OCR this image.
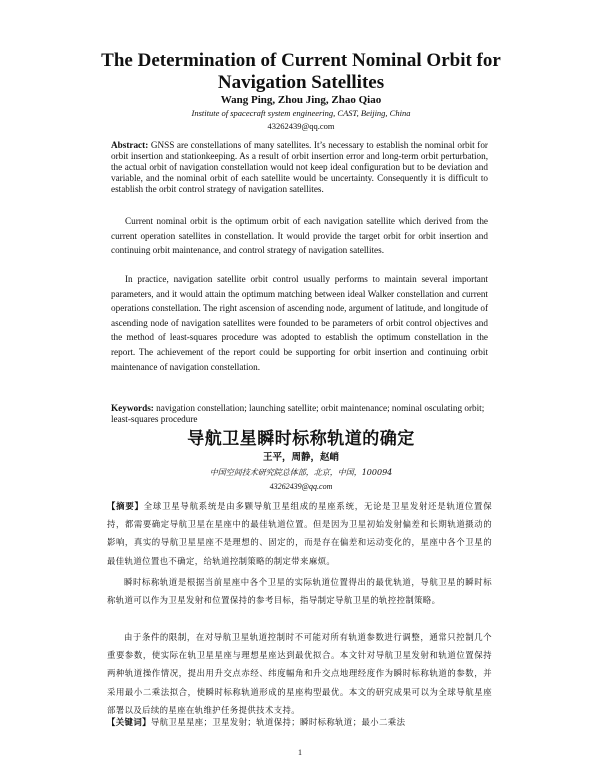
The Determination of Current Nominal Orbit for Navigation Satellites
Wang Ping, Zhou Jing, Zhao Qiao
Institute of spacecraft system engineering, CAST, Beijing, China
43262439@qq.com
Abstract: GNSS are constellations of many satellites. It’s necessary to establish the nominal orbit for orbit insertion and stationkeeping. As a result of orbit insertion error and long-term orbit perturbation, the actual orbit of navigation constellation would not keep ideal configuration but to be deviation and variable, and the nominal orbit of each satellite would be uncertainty. Consequently it is difficult to establish the orbit control strategy of navigation satellites.
Current nominal orbit is the optimum orbit of each navigation satellite which derived from the current operation satellites in constellation. It would provide the target orbit for orbit insertion and continuing orbit maintenance, and control strategy of navigation satellites.
In practice, navigation satellite orbit control usually performs to maintain several important parameters, and it would attain the optimum matching between ideal Walker constellation and current operations constellation. The right ascension of ascending node, argument of latitude, and longitude of ascending node of navigation satellites were founded to be parameters of orbit control objectives and the method of least-squares procedure was adopted to establish the optimum constellation in the report. The achievement of the report could be supporting for orbit insertion and continuing orbit maintenance of navigation constellation.
Keywords: navigation constellation; launching satellite; orbit maintenance; nominal osculating orbit; least-squares procedure
导航卫星瞬时标称轨道的确定
王平，周静，赵峭
中国空间技术研究院总体部，北京，中国，100094
43262439@qq.com
【摘要】全球卫星导航系统是由多颗导航卫星组成的星座系统，无论是卫星发射还是轨道位置保持，都需要确定导航卫星在星座中的最佳轨道位置。但是因为卫星初始发射偏差和长期轨道摄动的影响，真实的导航卫星星座不是理想的、固定的，而是存在偏差和运动变化的，星座中各个卫星的最佳轨道位置也不确定，给轨道控制策略的制定带来麻烦。
瞬时标称轨道是根据当前星座中各个卫星的实际轨道位置得出的最优轨道，导航卫星的瞬时标称轨道可以作为卫星发射和位置保持的参考目标，指导制定导航卫星的轨控控制策略。
由于条件的限制，在对导航卫星轨道控制时不可能对所有轨道参数进行调整，通常只控制几个重要参数，使实际在轨卫星星座与理想星座达到最优拟合。本文针对导航卫星发射和轨道位置保持两种轨道操作情况，提出用升交点赤经、纬度幅角和升交点地理经度作为瞬时标称轨道的参数，并采用最小二乘法拟合，使瞬时标称轨道形成的星座构型最优。本文的研究成果可以为全球导航星座部署以及后续的星座在轨维护任务提供技术支持。
【关键词】导航卫星星座；卫星发射；轨道保持；瞬时标称轨道；最小二乘法
1
